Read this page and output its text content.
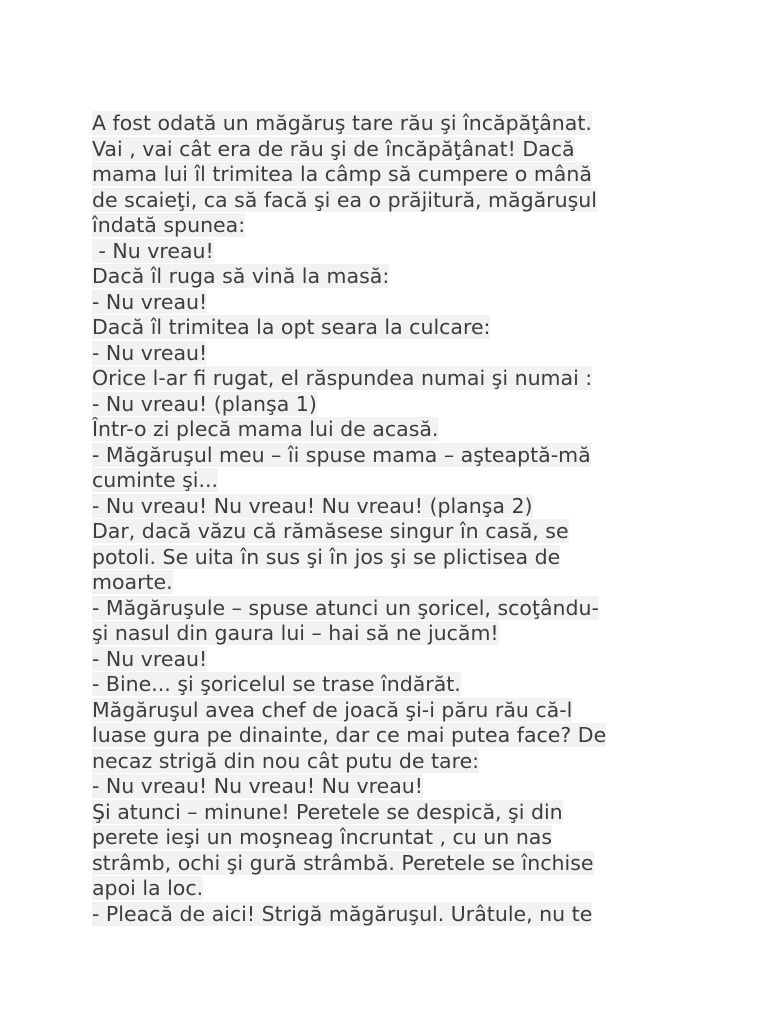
A fost odată un măgăruş tare rău şi încăpăţânat.
Vai , vai cât era de rău şi de încăpăţânat! Dacă
mama lui îl trimitea la câmp să cumpere o mână
de scaieţi, ca să facă şi ea o prăjitură, măgăruşul
îndată spunea:
- Nu vreau!
Dacă îl ruga să vină la masă:
- Nu vreau!
Dacă îl trimitea la opt seara la culcare:
- Nu vreau!
Orice l-ar fi rugat, el răspundea numai şi numai :
- Nu vreau! (planşa 1)
Într-o zi plecă mama lui de acasă.
- Măgăruşul meu – îi spuse mama – aşteaptă-mă
cuminte şi...
- Nu vreau! Nu vreau! Nu vreau! (planşa 2)
Dar, dacă văzu că rămăsese singur în casă, se
potoli. Se uita în sus şi în jos şi se plictisea de
moarte.
- Măgăruşule – spuse atunci un şoricel, scoţându-
şi nasul din gaura lui – hai să ne jucăm!
- Nu vreau!
- Bine... şi şoricelul se trase îndărăt.
Măgăruşul avea chef de joacă şi-i păru rău că-l
luase gura pe dinainte, dar ce mai putea face? De
necaz strigă din nou cât putu de tare:
- Nu vreau! Nu vreau! Nu vreau!
Şi atunci – minune! Peretele se despică, şi din
perete ieşi un moşneag încruntat , cu un nas
strâmb, ochi şi gură strâmbă. Peretele se închise
apoi la loc.
- Pleacă de aici! Strigă măgăruşul. Urâtule, nu te
